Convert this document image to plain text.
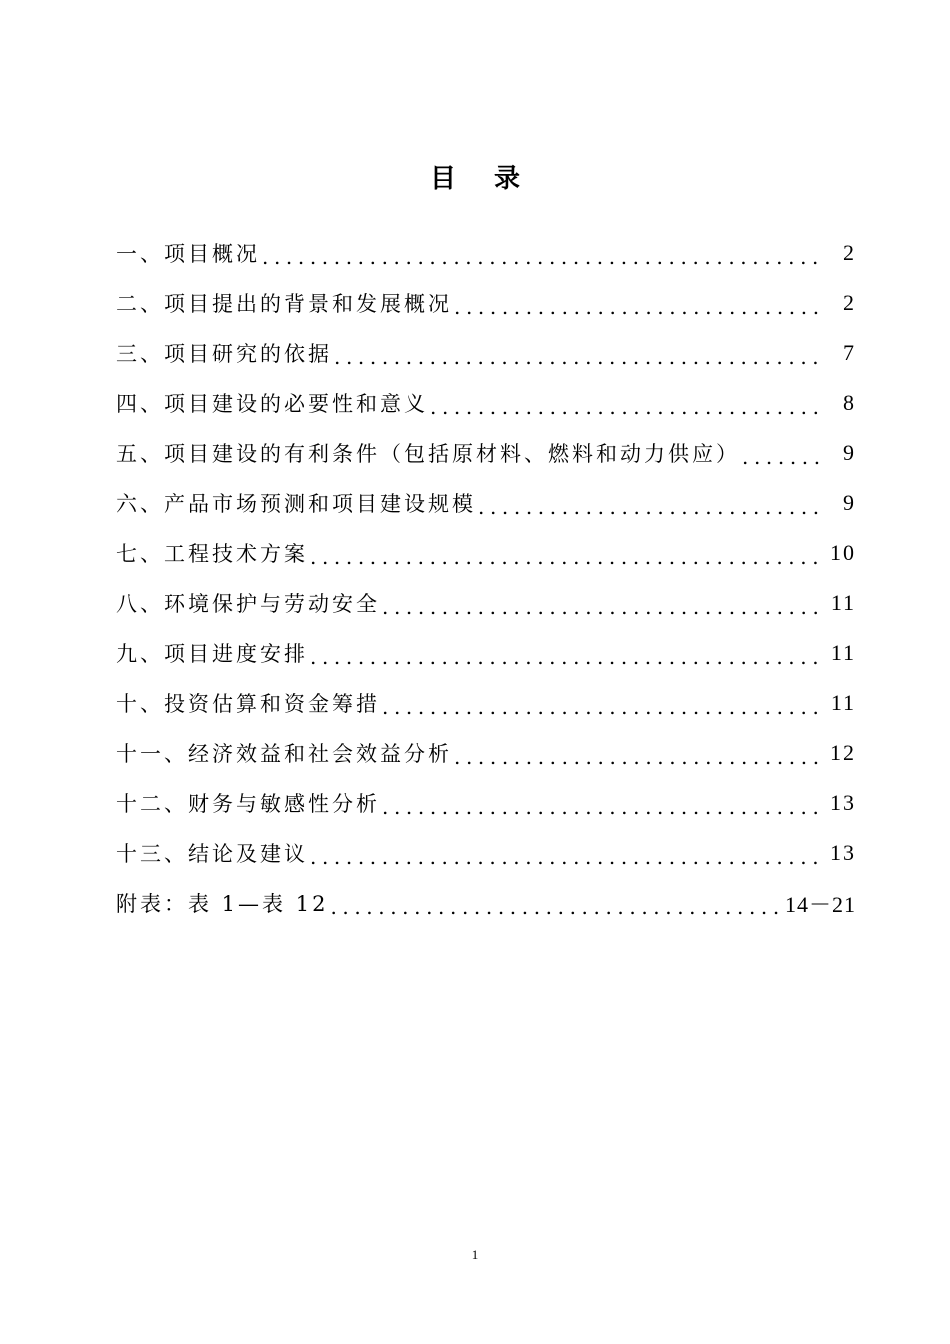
目 录
一、项目概况 .....	2
二、项目提出的背景和发展概况 .....	2
三、项目研究的依据 .....	7
四、项目建设的必要性和意义 .....	8
五、项目建设的有利条件（包括原材料、燃料和动力供应） .....	9
六、产品市场预测和项目建设规模 .....	9
七、工程技术方案 .....	10
八、环境保护与劳动安全 .....	11
九、项目进度安排 .....	11
十、投资估算和资金筹措 .....	11
十一、经济效益和社会效益分析 .....	12
十二、财务与敏感性分析 .....	13
十三、结论及建议 .....	13
附表：表 1—表 12 .....	14－21
1
